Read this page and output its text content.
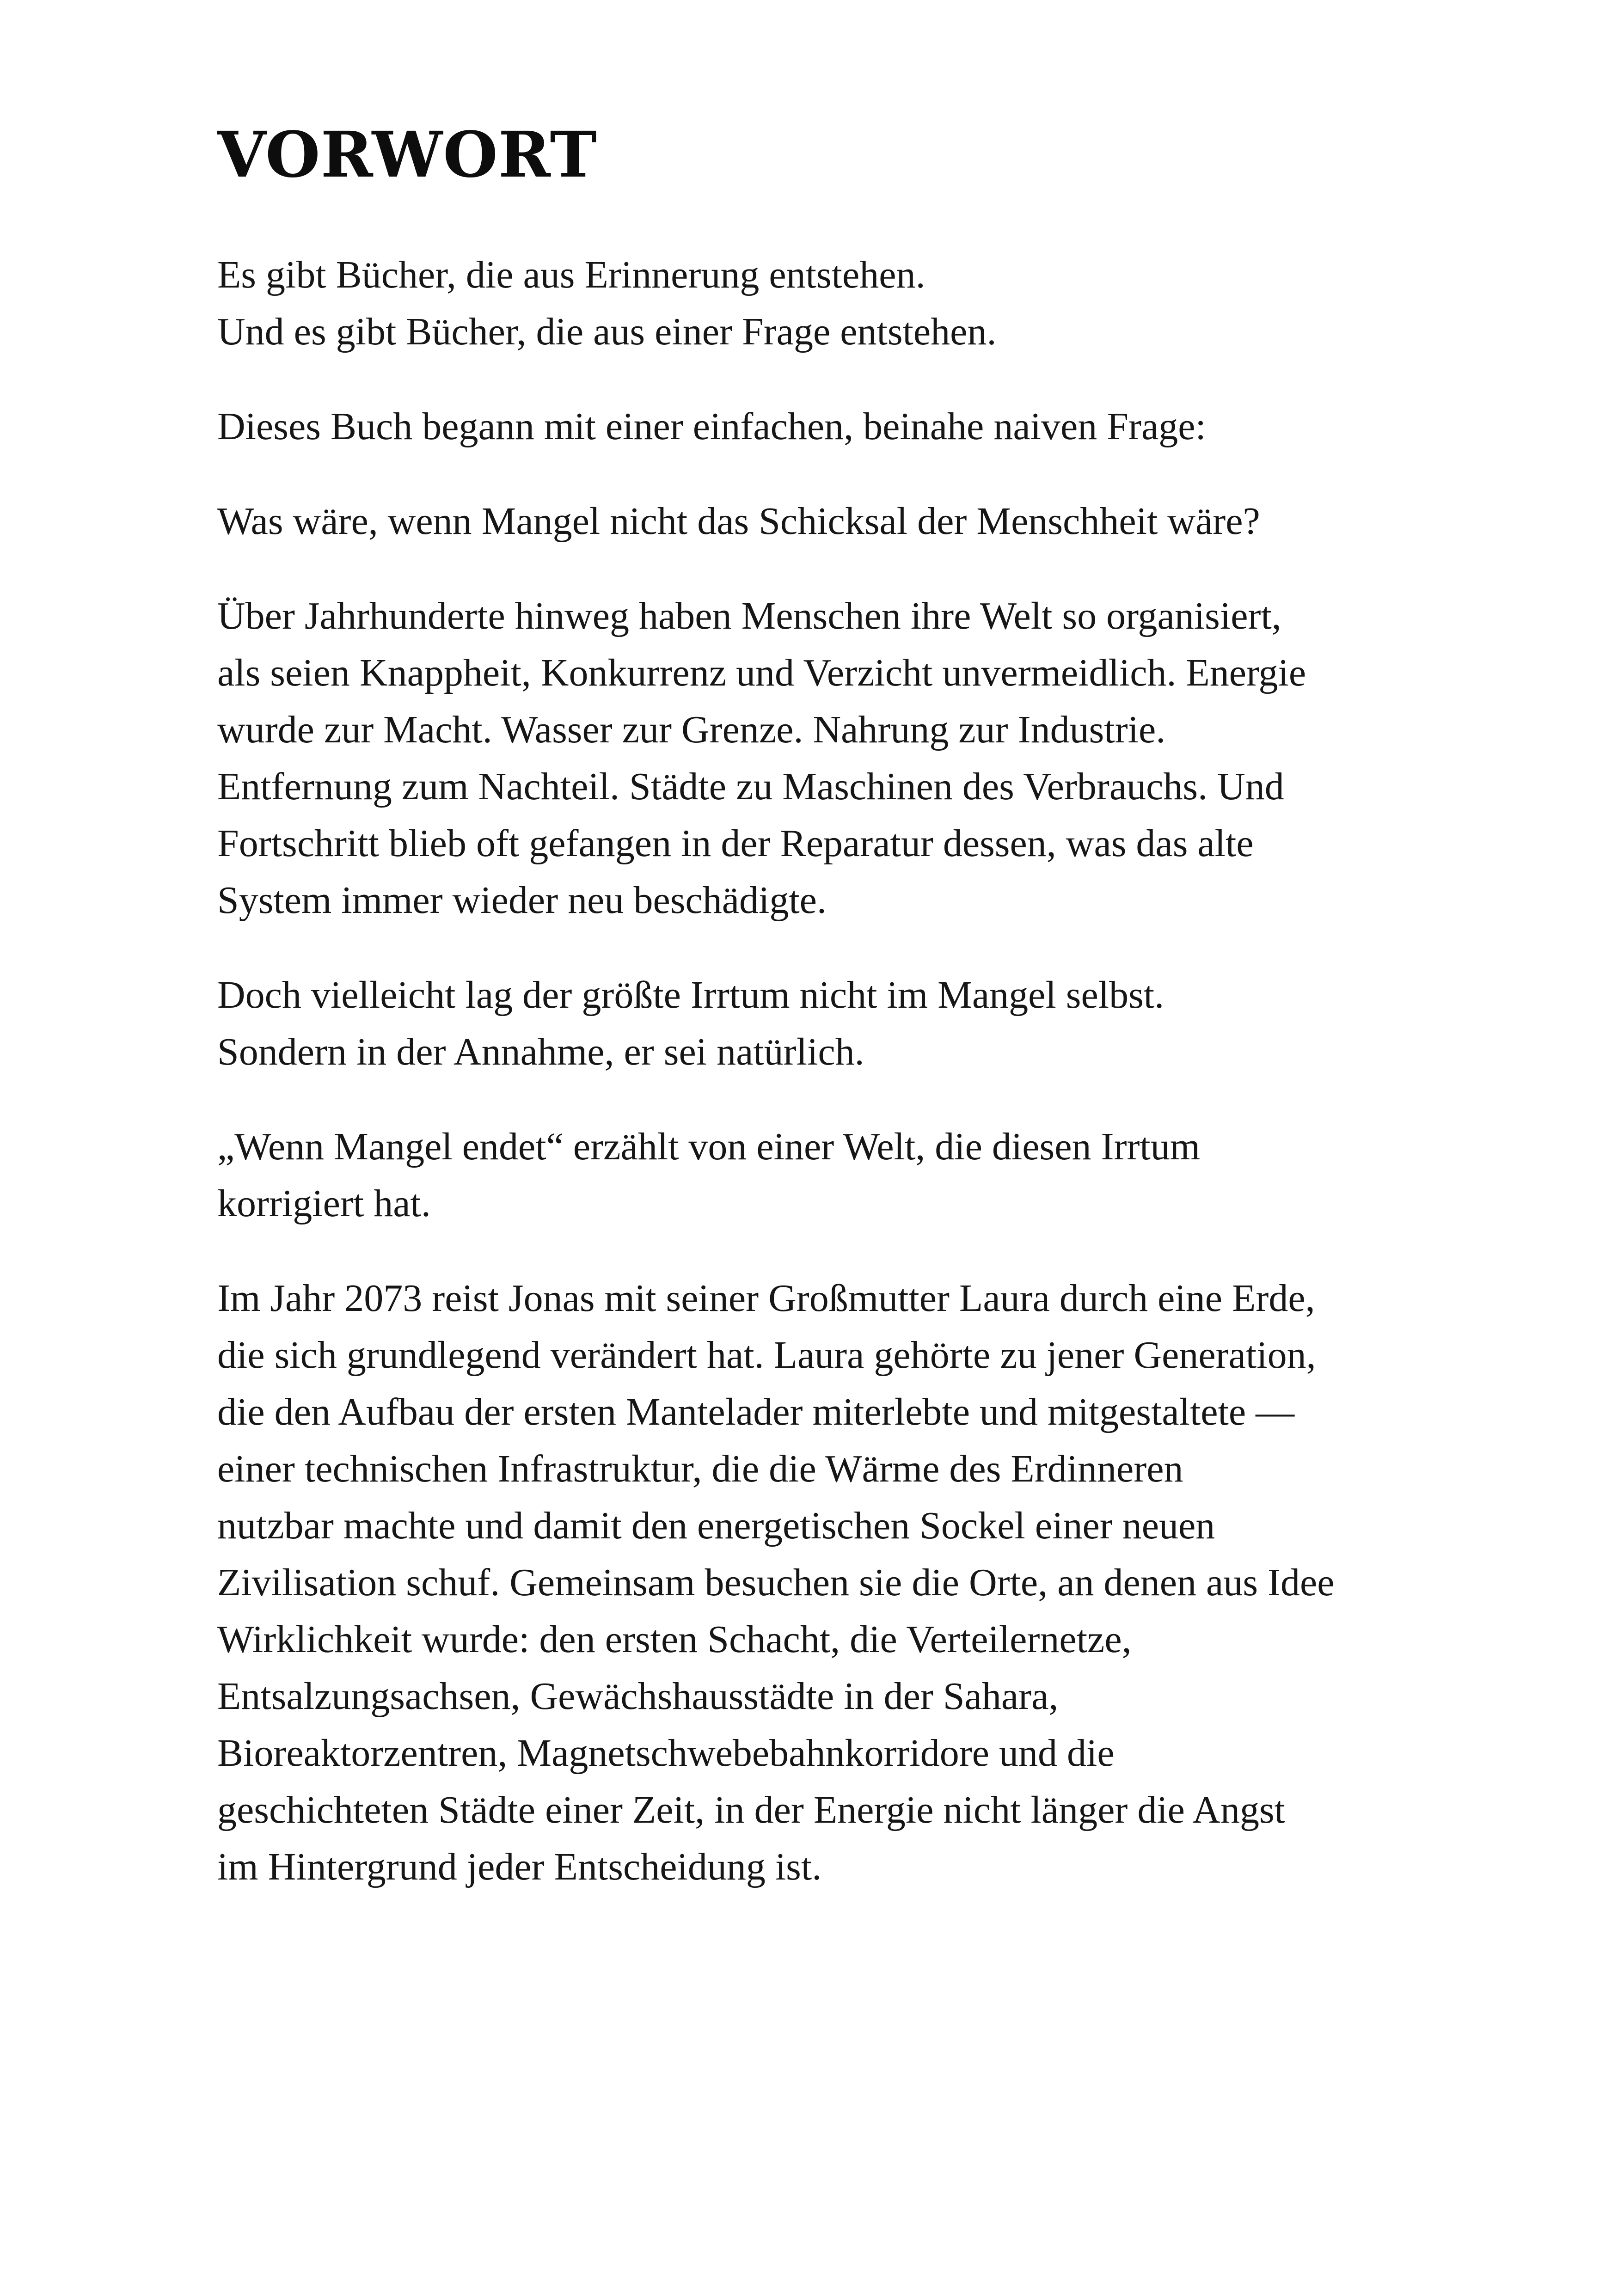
VORWORT

Es gibt Bücher, die aus Erinnerung entstehen.
Und es gibt Bücher, die aus einer Frage entstehen.

Dieses Buch begann mit einer einfachen, beinahe naiven Frage:

Was wäre, wenn Mangel nicht das Schicksal der Menschheit wäre?

Über Jahrhunderte hinweg haben Menschen ihre Welt so organisiert,
als seien Knappheit, Konkurrenz und Verzicht unvermeidlich. Energie
wurde zur Macht. Wasser zur Grenze. Nahrung zur Industrie.
Entfernung zum Nachteil. Städte zu Maschinen des Verbrauchs. Und
Fortschritt blieb oft gefangen in der Reparatur dessen, was das alte
System immer wieder neu beschädigte.

Doch vielleicht lag der größte Irrtum nicht im Mangel selbst.
Sondern in der Annahme, er sei natürlich.

„Wenn Mangel endet“ erzählt von einer Welt, die diesen Irrtum
korrigiert hat.

Im Jahr 2073 reist Jonas mit seiner Großmutter Laura durch eine Erde,
die sich grundlegend verändert hat. Laura gehörte zu jener Generation,
die den Aufbau der ersten Mantelader miterlebte und mitgestaltete —
einer technischen Infrastruktur, die die Wärme des Erdinneren
nutzbar machte und damit den energetischen Sockel einer neuen
Zivilisation schuf. Gemeinsam besuchen sie die Orte, an denen aus Idee
Wirklichkeit wurde: den ersten Schacht, die Verteilernetze,
Entsalzungsachsen, Gewächshausstädte in der Sahara,
Bioreaktorzentren, Magnetschwebebahnkorridore und die
geschichteten Städte einer Zeit, in der Energie nicht länger die Angst
im Hintergrund jeder Entscheidung ist.
